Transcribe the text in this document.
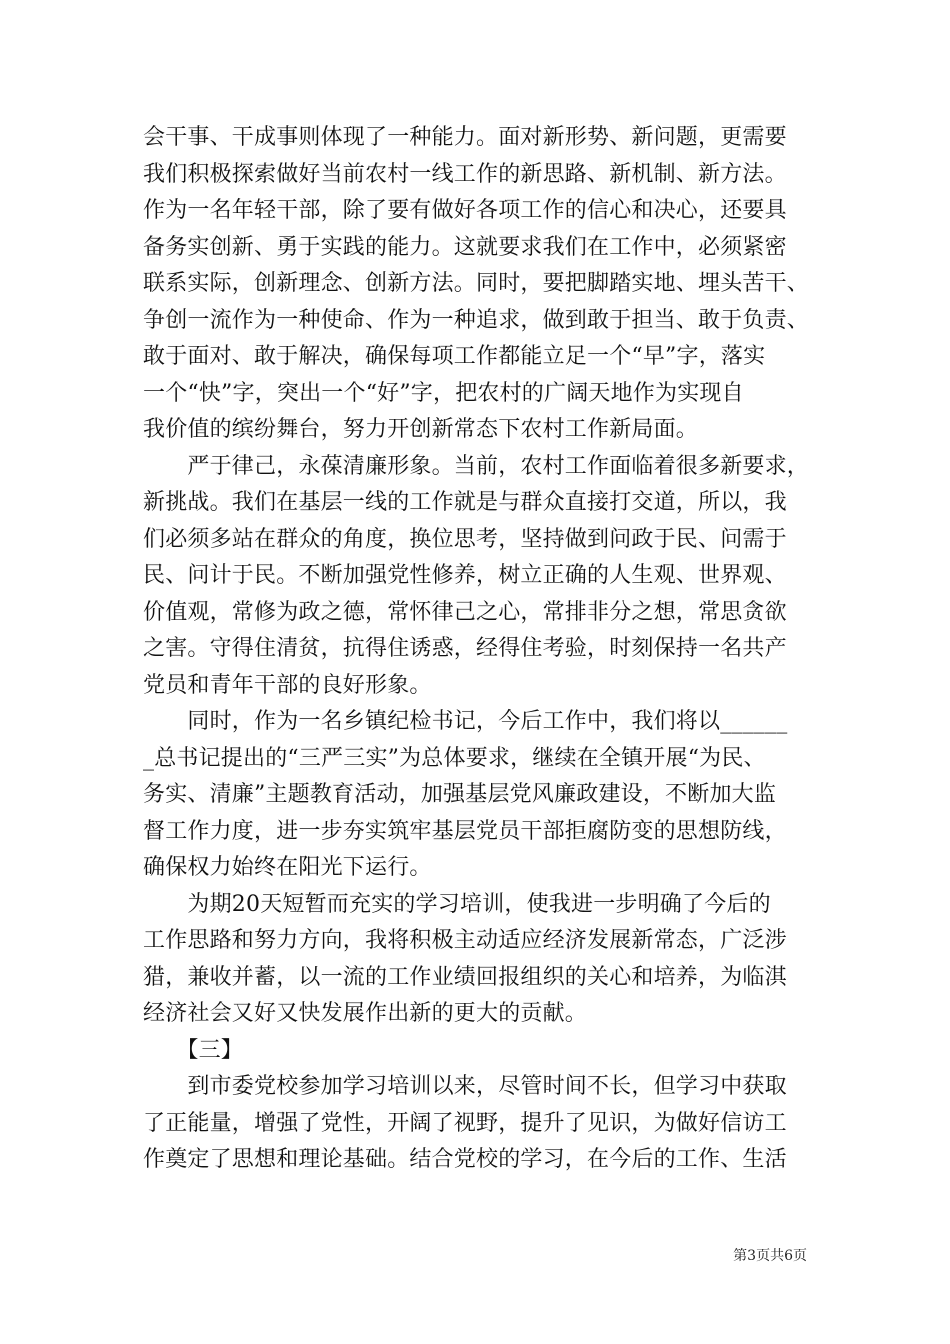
会干事、干成事则体现了一种能力。面对新形势、新问题，更需要
我们积极探索做好当前农村一线工作的新思路、新机制、新方法。
作为一名年轻干部，除了要有做好各项工作的信心和决心，还要具
备务实创新、勇于实践的能力。这就要求我们在工作中，必须紧密
联系实际，创新理念、创新方法。同时，要把脚踏实地、埋头苦干、
争创一流作为一种使命、作为一种追求，做到敢于担当、敢于负责、
敢于面对、敢于解决，确保每项工作都能立足一个“早”字，落实
一个“快”字，突出一个“好”字，把农村的广阔天地作为实现自
我价值的缤纷舞台，努力开创新常态下农村工作新局面。
　　严于律己，永葆清廉形象。当前，农村工作面临着很多新要求，
新挑战。我们在基层一线的工作就是与群众直接打交道，所以，我
们必须多站在群众的角度，换位思考，坚持做到问政于民、问需于
民、问计于民。不断加强党性修养，树立正确的人生观、世界观、
价值观，常修为政之德，常怀律己之心，常排非分之想，常思贪欲
之害。守得住清贫，抗得住诱惑，经得住考验，时刻保持一名共产
党员和青年干部的良好形象。
　　同时，作为一名乡镇纪检书记，今后工作中，我们将以______
_总书记提出的“三严三实”为总体要求，继续在全镇开展“为民、
务实、清廉”主题教育活动，加强基层党风廉政建设，不断加大监
督工作力度，进一步夯实筑牢基层党员干部拒腐防变的思想防线，
确保权力始终在阳光下运行。
　　为期20天短暂而充实的学习培训，使我进一步明确了今后的
工作思路和努力方向，我将积极主动适应经济发展新常态，广泛涉
猎，兼收并蓄，以一流的工作业绩回报组织的关心和培养，为临淇
经济社会又好又快发展作出新的更大的贡献。
　　【三】
　　到市委党校参加学习培训以来，尽管时间不长，但学习中获取
了正能量，增强了党性，开阔了视野，提升了见识，为做好信访工
作奠定了思想和理论基础。结合党校的学习，在今后的工作、生活
第3页共6页
